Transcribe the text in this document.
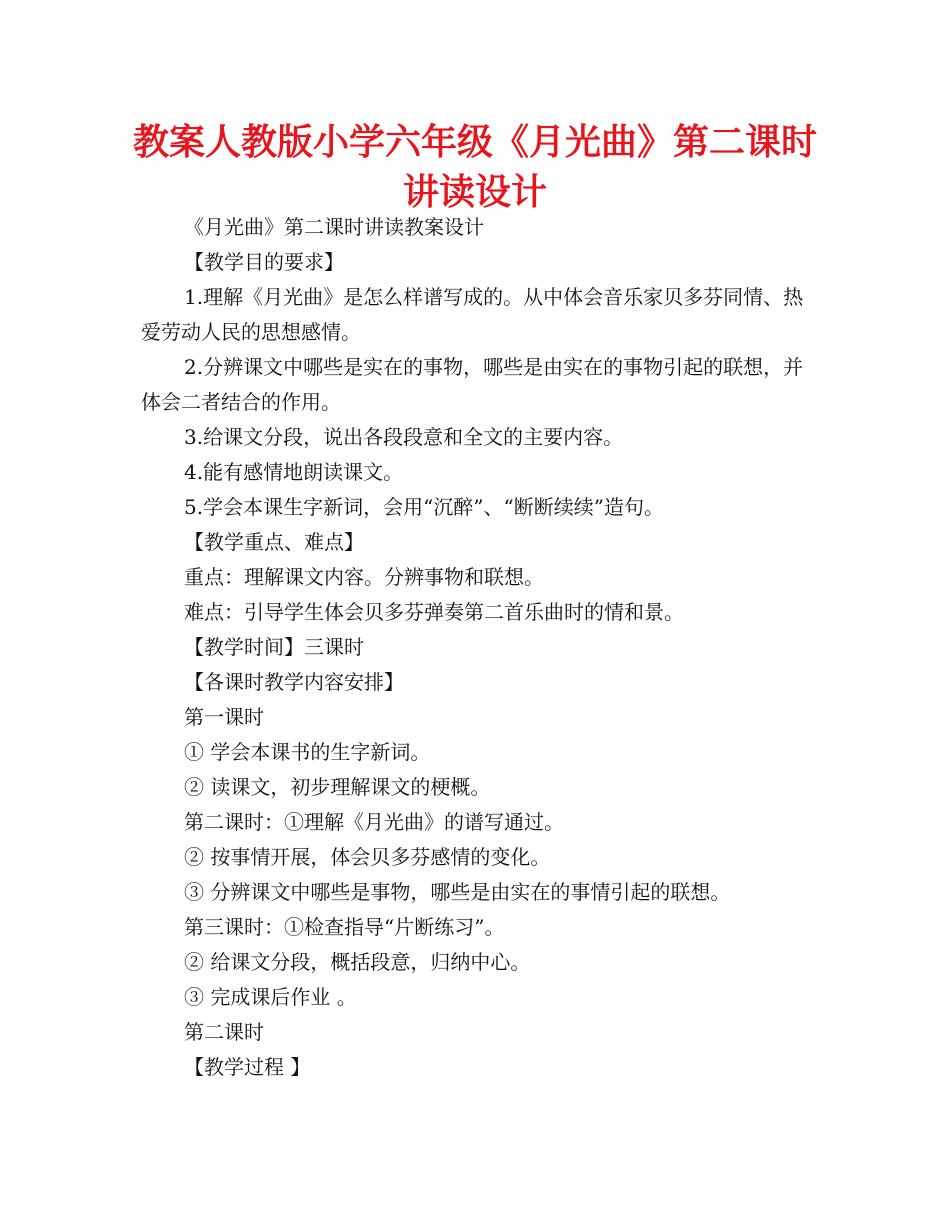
教案人教版小学六年级《月光曲》第二课时讲读设计

《月光曲》第二课时讲读教案设计

【教学目的要求】

1.理解《月光曲》是怎么样谱写成的。从中体会音乐家贝多芬同情、热爱劳动人民的思想感情。

2.分辨课文中哪些是实在的事物，哪些是由实在的事物引起的联想，并体会二者结合的作用。

3.给课文分段，说出各段段意和全文的主要内容。

4.能有感情地朗读课文。

5.学会本课生字新词，会用“沉醉”、“断断续续”造句。

【教学重点、难点】

重点：理解课文内容。分辨事物和联想。

难点：引导学生体会贝多芬弹奏第二首乐曲时的情和景。

【教学时间】三课时

【各课时教学内容安排】

第一课时

① 学会本课书的生字新词。

② 读课文，初步理解课文的梗概。

第二课时：①理解《月光曲》的谱写通过。

② 按事情开展，体会贝多芬感情的变化。

③ 分辨课文中哪些是事物，哪些是由实在的事情引起的联想。

第三课时：①检查指导“片断练习”。

② 给课文分段，概括段意，归纳中心。

③ 完成课后作业 。

第二课时

【教学过程 】
